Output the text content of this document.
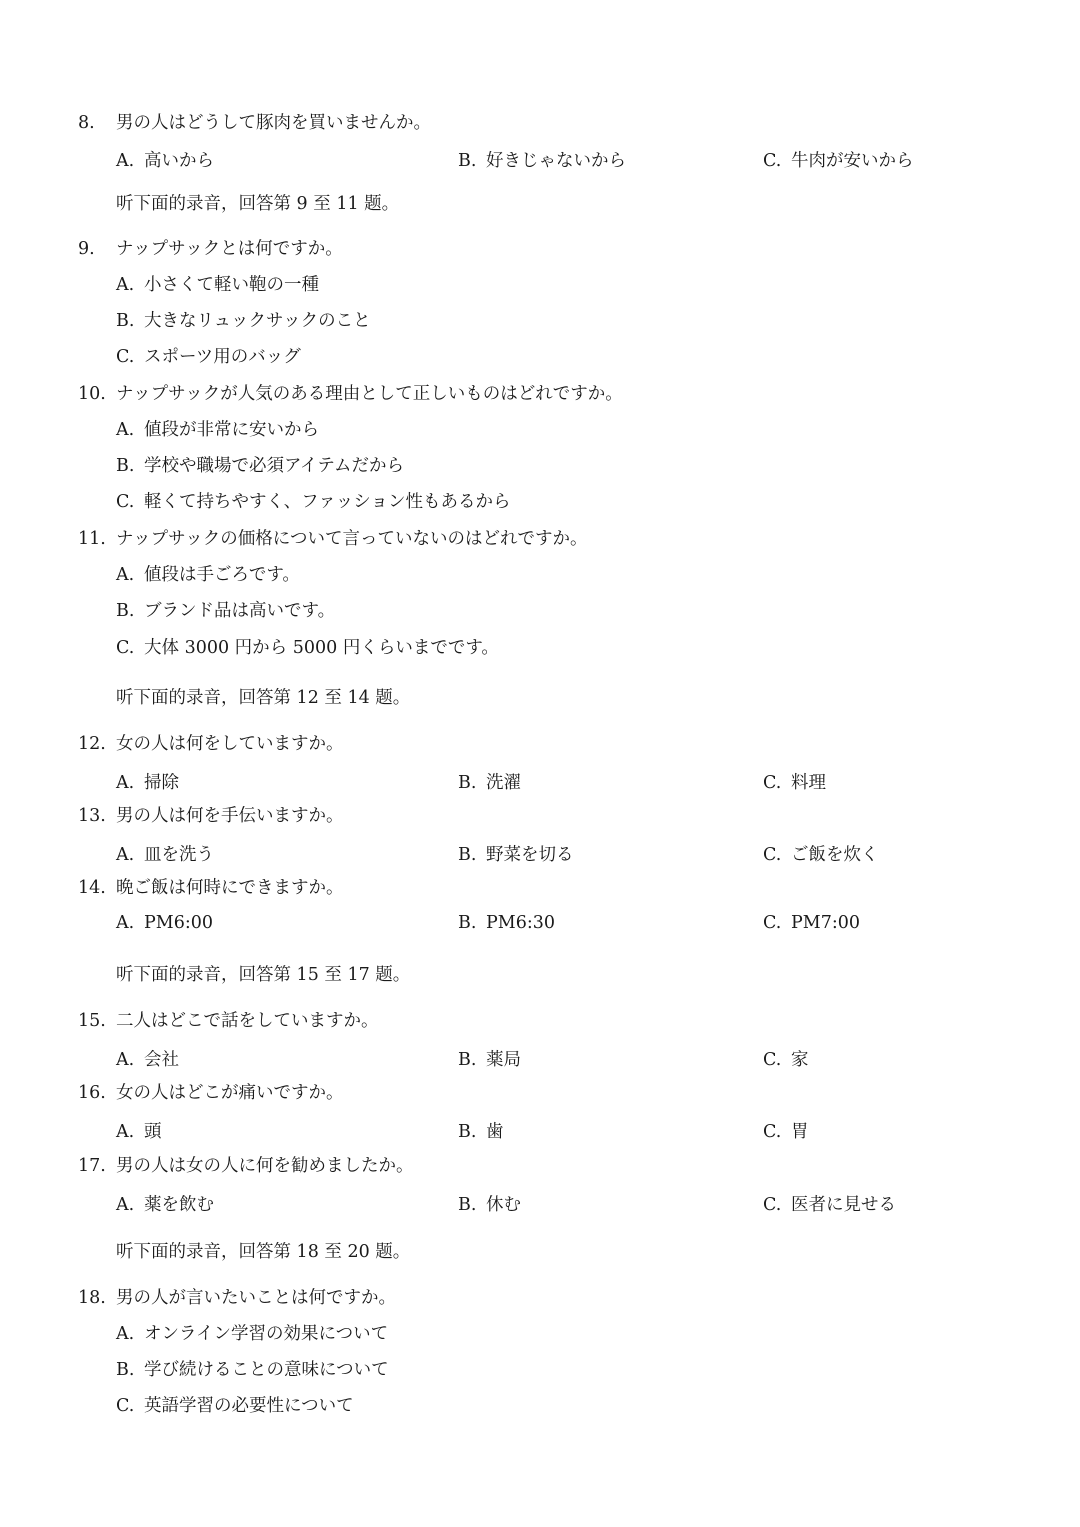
8. 男の人はどうして豚肉を買いませんか。
A. 高いから	B. 好きじゃないから	C. 牛肉が安いから
听下面的录音，回答第 9 至 11 题。
9. ナップサックとは何ですか。
A. 小さくて軽い鞄の一種
B. 大きなリュックサックのこと
C. スポーツ用のバッグ
10. ナップサックが人気のある理由として正しいものはどれですか。
A. 値段が非常に安いから
B. 学校や職場で必須アイテムだから
C. 軽くて持ちやすく、ファッション性もあるから
11. ナップサックの価格について言っていないのはどれですか。
A. 値段は手ごろです。
B. ブランド品は高いです。
C. 大体 3000 円から 5000 円くらいまでです。
听下面的录音，回答第 12 至 14 题。
12. 女の人は何をしていますか。
A. 掃除	B. 洗濯	C. 料理
13. 男の人は何を手伝いますか。
A. 皿を洗う	B. 野菜を切る	C. ご飯を炊く
14. 晩ご飯は何時にできますか。
A. PM6:00	B. PM6:30	C. PM7:00
听下面的录音，回答第 15 至 17 题。
15. 二人はどこで話をしていますか。
A. 会社	B. 薬局	C. 家
16. 女の人はどこが痛いですか。
A. 頭	B. 歯	C. 胃
17. 男の人は女の人に何を勧めましたか。
A. 薬を飲む	B. 休む	C. 医者に見せる
听下面的录音，回答第 18 至 20 题。
18. 男の人が言いたいことは何ですか。
A. オンライン学習の効果について
B. 学び続けることの意味について
C. 英語学習の必要性について
